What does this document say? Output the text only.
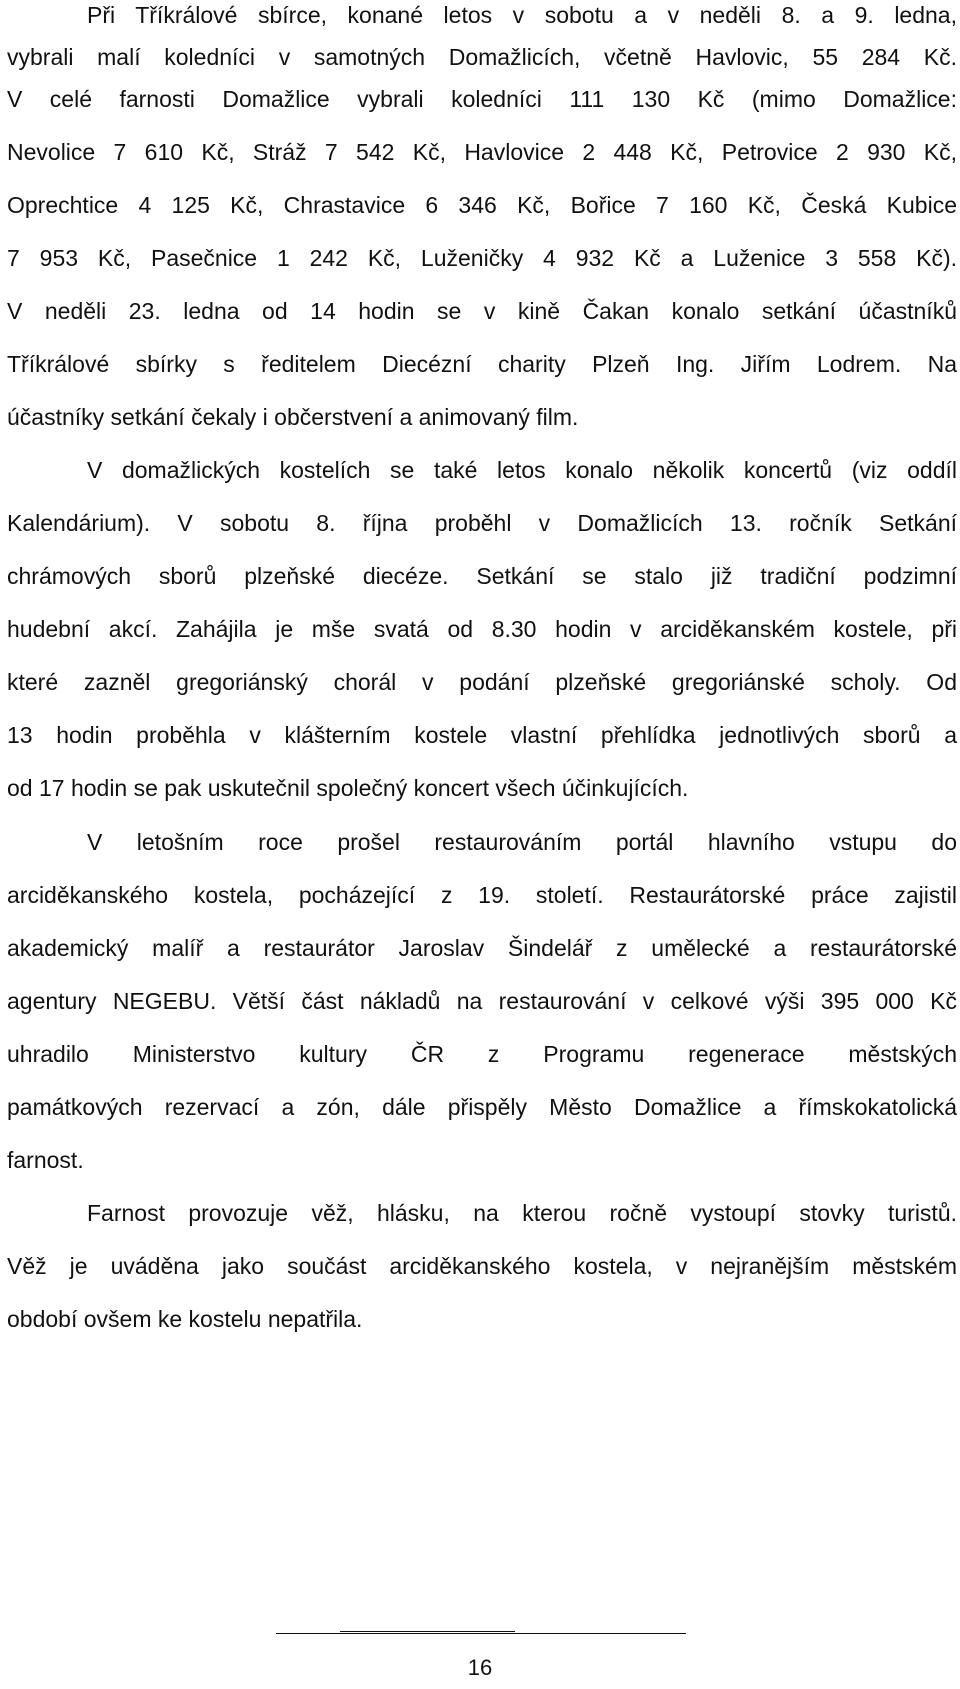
Při Tříkrálové sbírce, konané letos v sobotu a v neděli 8. a 9. ledna,
vybrali malí koledníci v samotných Domažlicích, včetně Havlovic, 55 284 Kč.
V celé farnosti Domažlice vybrali koledníci 111 130 Kč (mimo Domažlice:
Nevolice 7 610 Kč, Stráž 7 542 Kč, Havlovice 2 448 Kč, Petrovice 2 930 Kč,
Oprechtice 4 125 Kč, Chrastavice 6 346 Kč, Bořice 7 160 Kč, Česká Kubice
7 953 Kč, Pasečnice 1 242 Kč, Luženičky 4 932 Kč a Luženice 3 558 Kč).
V neděli 23. ledna od 14 hodin se v kině Čakan konalo setkání účastníků
Tříkrálové sbírky s ředitelem Diecézní charity Plzeň Ing. Jiřím Lodrem. Na
účastníky setkání čekaly i občerstvení a animovaný film.
V domažlických kostelích se také letos konalo několik koncertů (viz oddíl
Kalendárium). V sobotu 8. října proběhl v Domažlicích 13. ročník Setkání
chrámových sborů plzeňské diecéze. Setkání se stalo již tradiční podzimní
hudební akcí. Zahájila je mše svatá od 8.30 hodin v arciděkanském kostele, při
které zazněl gregoriánský chorál v podání plzeňské gregoriánské scholy. Od
13 hodin proběhla v klášterním kostele vlastní přehlídka jednotlivých sborů a
od 17 hodin se pak uskutečnil společný koncert všech účinkujících.
V letošním roce prošel restaurováním portál hlavního vstupu do
arciděkanského kostela, pocházející z 19. století. Restaurátorské práce zajistil
akademický malíř a restaurátor Jaroslav Šindelář z umělecké a restaurátorské
agentury NEGEBU. Větší část nákladů na restaurování v celkové výši 395 000 Kč
uhradilo Ministerstvo kultury ČR z Programu regenerace městských
památkových rezervací a zón, dále přispěly Město Domažlice a římskokatolická
farnost.
Farnost provozuje věž, hlásku, na kterou ročně vystoupí stovky turistů.
Věž je uváděna jako součást arciděkanského kostela, v nejranějším městském
období ovšem ke kostelu nepatřila.
16
